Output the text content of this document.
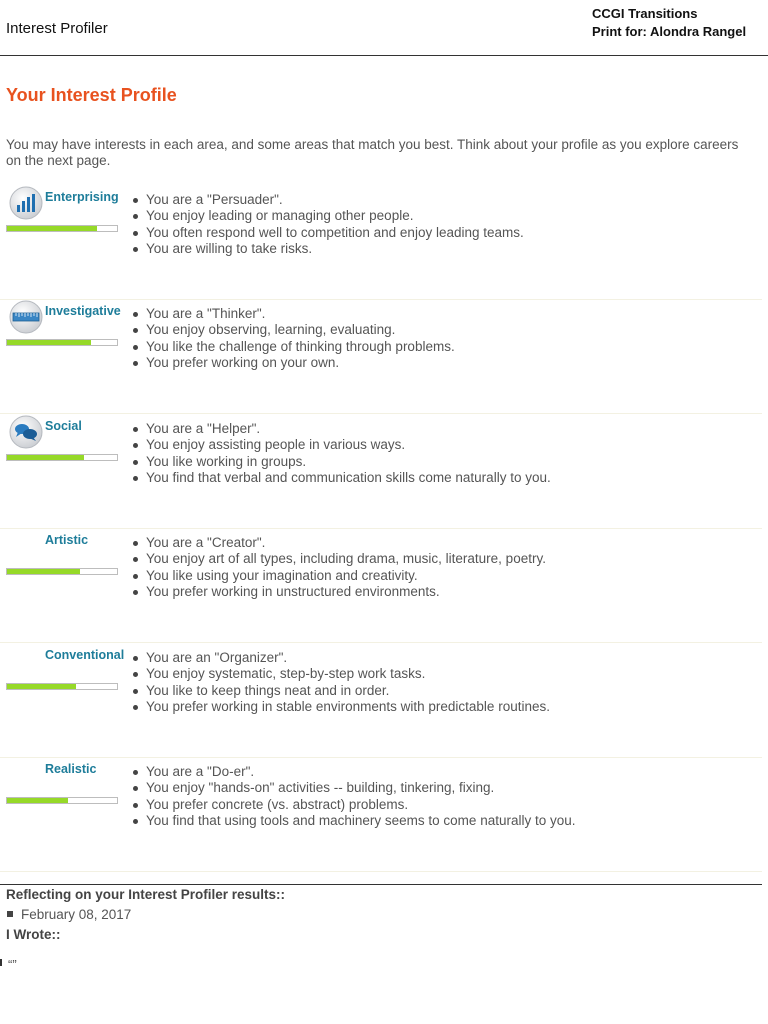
Interest Profiler
CCGI Transitions
Print for: Alondra Rangel
Your Interest Profile

You may have interests in each area, and some areas that match you best. Think about your profile as you explore careers on the next page.

Enterprising	You are a "Persuader".
You enjoy leading or managing other people.
You often respond well to competition and enjoy leading teams.
You are willing to take risks.
Investigative	You are a "Thinker".
You enjoy observing, learning, evaluating.
You like the challenge of thinking through problems.
You prefer working on your own.
Social	You are a "Helper".
You enjoy assisting people in various ways.
You like working in groups.
You find that verbal and communication skills come naturally to you.
Artistic	You are a "Creator".
You enjoy art of all types, including drama, music, literature, poetry.
You like using your imagination and creativity.
You prefer working in unstructured environments.
Conventional	You are an "Organizer".
You enjoy systematic, step-by-step work tasks.
You like to keep things neat and in order.
You prefer working in stable environments with predictable routines.
Realistic	You are a "Do-er".
You enjoy "hands-on" activities -- building, tinkering, fixing.
You prefer concrete (vs. abstract) problems.
You find that using tools and machinery seems to come naturally to you.
Reflecting on your Interest Profiler results::
February 08, 2017
I Wrote::
“”
